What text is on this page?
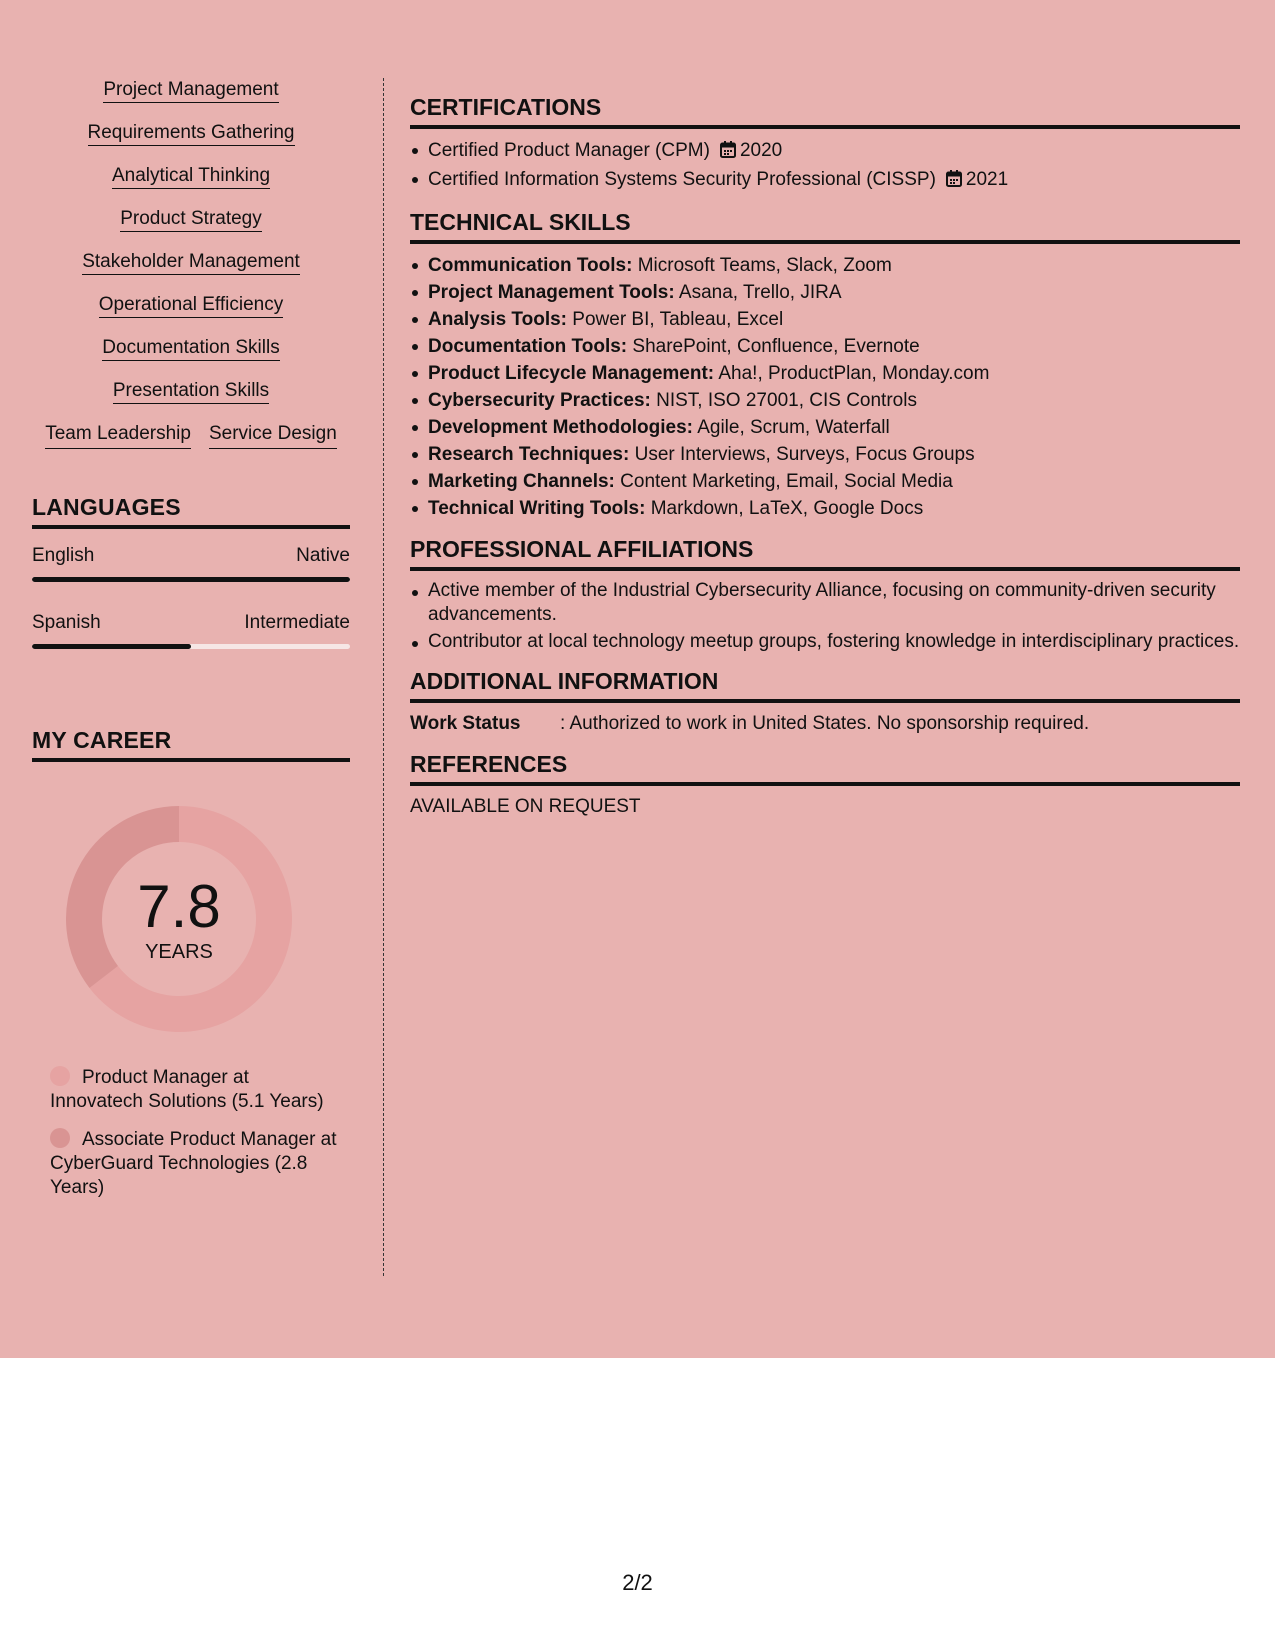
Project Management
Requirements Gathering
Analytical Thinking
Product Strategy
Stakeholder Management
Operational Efficiency
Documentation Skills
Presentation Skills
Team Leadership Service Design
LANGUAGES
English	Native
Spanish	Intermediate
MY CAREER
7.8
YEARS
Product Manager at Innovatech Solutions (5.1 Years)
Associate Product Manager at CyberGuard Technologies (2.8 Years)
CERTIFICATIONS
Certified Product Manager (CPM) 2020
Certified Information Systems Security Professional (CISSP) 2021
TECHNICAL SKILLS
Communication Tools: Microsoft Teams, Slack, Zoom
Project Management Tools: Asana, Trello, JIRA
Analysis Tools: Power BI, Tableau, Excel
Documentation Tools: SharePoint, Confluence, Evernote
Product Lifecycle Management: Aha!, ProductPlan, Monday.com
Cybersecurity Practices: NIST, ISO 27001, CIS Controls
Development Methodologies: Agile, Scrum, Waterfall
Research Techniques: User Interviews, Surveys, Focus Groups
Marketing Channels: Content Marketing, Email, Social Media
Technical Writing Tools: Markdown, LaTeX, Google Docs
PROFESSIONAL AFFILIATIONS
Active member of the Industrial Cybersecurity Alliance, focusing on community-driven security advancements.
Contributor at local technology meetup groups, fostering knowledge in interdisciplinary practices.
ADDITIONAL INFORMATION
Work Status	: Authorized to work in United States. No sponsorship required.
REFERENCES
AVAILABLE ON REQUEST
2/2
